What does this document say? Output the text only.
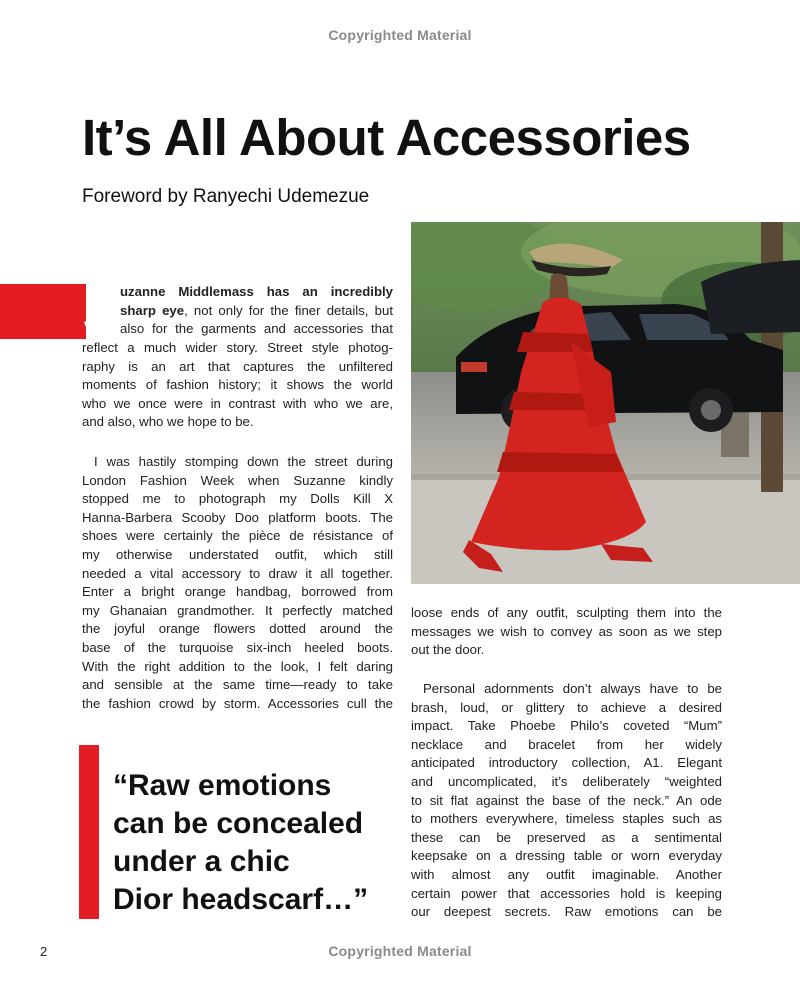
Copyrighted Material
It’s All About Accessories
Foreword by Ranyechi Udemezue
S
uzanne Middlemass has an incredibly
sharp eye, not only for the finer details, but
also for the garments and accessories that
reflect a much wider story. Street style photog-
raphy is an art that captures the unfiltered
moments of fashion history; it shows the world
who we once were in contrast with who we are,
and also, who we hope to be.
I was hastily stomping down the street during
London Fashion Week when Suzanne kindly
stopped me to photograph my Dolls Kill X
Hanna-Barbera Scooby Doo platform boots. The
shoes were certainly the pièce de résistance of
my otherwise understated outfit, which still
needed a vital accessory to draw it all together.
Enter a bright orange handbag, borrowed from
my Ghanaian grandmother. It perfectly matched
the joyful orange flowers dotted around the
base of the turquoise six-inch heeled boots.
With the right addition to the look, I felt daring
and sensible at the same time—ready to take
the fashion crowd by storm. Accessories cull the
loose ends of any outfit, sculpting them into the
messages we wish to convey as soon as we step
out the door.
Personal adornments don’t always have to be
brash, loud, or glittery to achieve a desired
impact. Take Phoebe Philo’s coveted “Mum”
necklace and bracelet from her widely
anticipated introductory collection, A1. Elegant
and uncomplicated, it’s deliberately “weighted
to sit flat against the base of the neck.” An ode
to mothers everywhere, timeless staples such as
these can be preserved as a sentimental
keepsake on a dressing table or worn everyday
with almost any outfit imaginable. Another
certain power that accessories hold is keeping
our deepest secrets. Raw emotions can be
“Raw emotions
can be concealed
under a chic
Dior headscarf…”
2	Copyrighted Material
